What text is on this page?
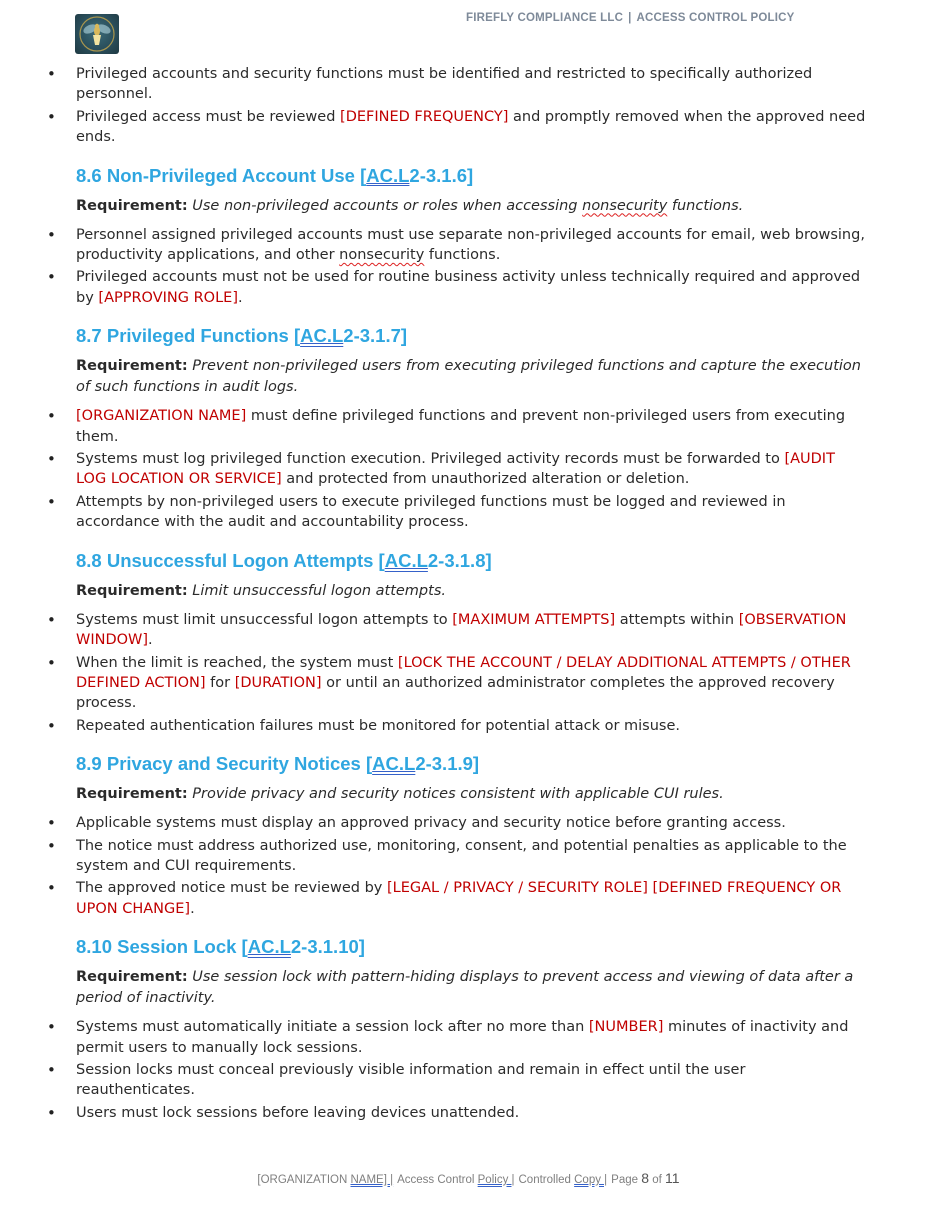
FIREFLY COMPLIANCE LLC | ACCESS CONTROL POLICY
• Privileged accounts and security functions must be identified and restricted to specifically authorized personnel.
• Privileged access must be reviewed [DEFINED FREQUENCY] and promptly removed when the approved need ends.
8.6 Non-Privileged Account Use [AC.L2-3.1.6]
Requirement: Use non-privileged accounts or roles when accessing nonsecurity functions.
• Personnel assigned privileged accounts must use separate non-privileged accounts for email, web browsing, productivity applications, and other nonsecurity functions.
• Privileged accounts must not be used for routine business activity unless technically required and approved by [APPROVING ROLE].
8.7 Privileged Functions [AC.L2-3.1.7]
Requirement: Prevent non-privileged users from executing privileged functions and capture the execution of such functions in audit logs.
• [ORGANIZATION NAME] must define privileged functions and prevent non-privileged users from executing them.
• Systems must log privileged function execution. Privileged activity records must be forwarded to [AUDIT LOG LOCATION OR SERVICE] and protected from unauthorized alteration or deletion.
• Attempts by non-privileged users to execute privileged functions must be logged and reviewed in accordance with the audit and accountability process.
8.8 Unsuccessful Logon Attempts [AC.L2-3.1.8]
Requirement: Limit unsuccessful logon attempts.
• Systems must limit unsuccessful logon attempts to [MAXIMUM ATTEMPTS] attempts within [OBSERVATION WINDOW].
• When the limit is reached, the system must [LOCK THE ACCOUNT / DELAY ADDITIONAL ATTEMPTS / OTHER DEFINED ACTION] for [DURATION] or until an authorized administrator completes the approved recovery process.
• Repeated authentication failures must be monitored for potential attack or misuse.
8.9 Privacy and Security Notices [AC.L2-3.1.9]
Requirement: Provide privacy and security notices consistent with applicable CUI rules.
• Applicable systems must display an approved privacy and security notice before granting access.
• The notice must address authorized use, monitoring, consent, and potential penalties as applicable to the system and CUI requirements.
• The approved notice must be reviewed by [LEGAL / PRIVACY / SECURITY ROLE] [DEFINED FREQUENCY OR UPON CHANGE].
8.10 Session Lock [AC.L2-3.1.10]
Requirement: Use session lock with pattern-hiding displays to prevent access and viewing of data after a period of inactivity.
• Systems must automatically initiate a session lock after no more than [NUMBER] minutes of inactivity and permit users to manually lock sessions.
• Session locks must conceal previously visible information and remain in effect until the user reauthenticates.
• Users must lock sessions before leaving devices unattended.
[ORGANIZATION NAME] | Access Control Policy | Controlled Copy | Page 8 of 11
